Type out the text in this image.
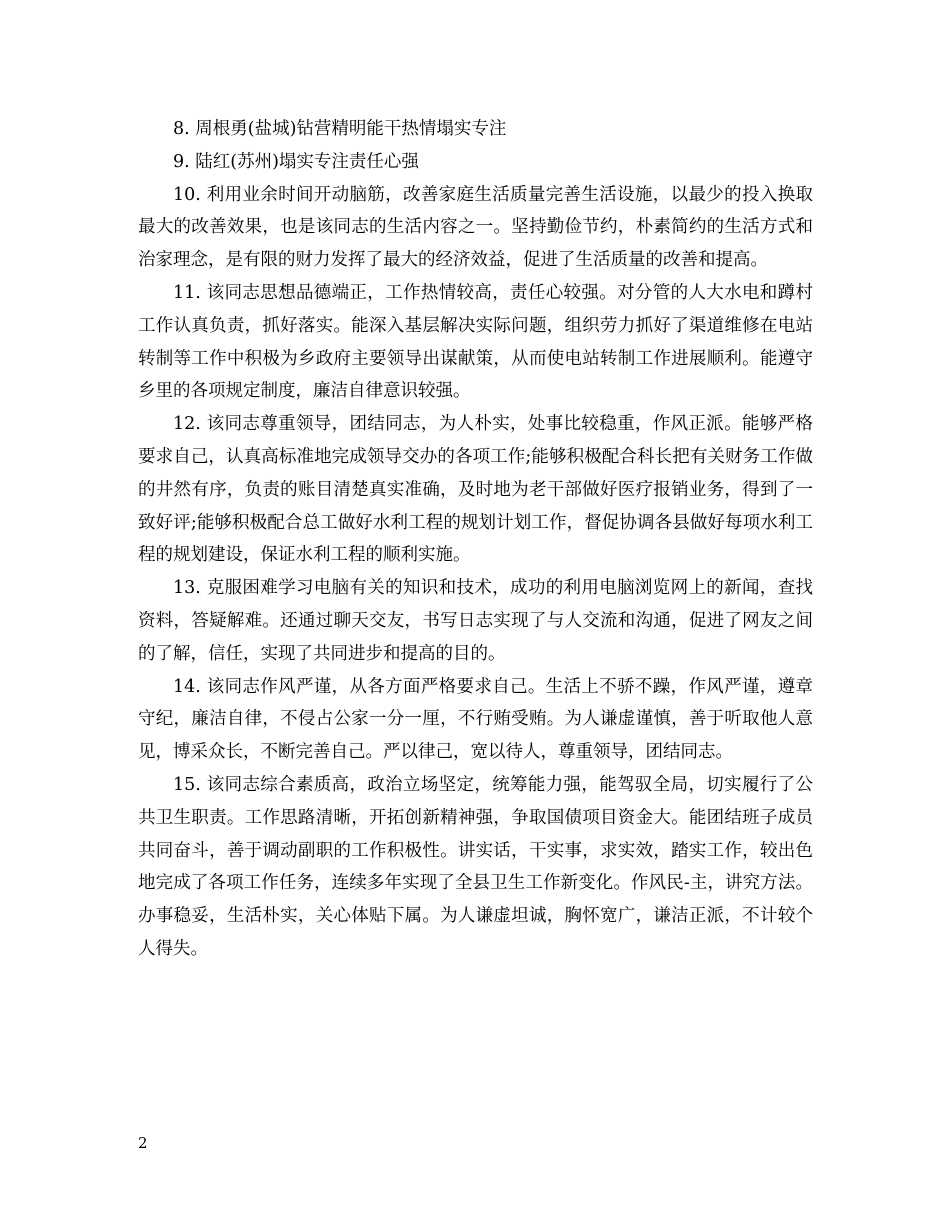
8. 周根勇(盐城)钻营精明能干热情塌实专注

9. 陆红(苏州)塌实专注责任心强

10. 利用业余时间开动脑筋，改善家庭生活质量完善生活设施，以最少的投入换取最大的改善效果，也是该同志的生活内容之一。坚持勤俭节约，朴素简约的生活方式和治家理念，是有限的财力发挥了最大的经济效益，促进了生活质量的改善和提高。

11. 该同志思想品德端正，工作热情较高，责任心较强。对分管的人大水电和蹲村工作认真负责，抓好落实。能深入基层解决实际问题，组织劳力抓好了渠道维修在电站转制等工作中积极为乡政府主要领导出谋献策，从而使电站转制工作进展顺利。能遵守乡里的各项规定制度，廉洁自律意识较强。

12. 该同志尊重领导，团结同志，为人朴实，处事比较稳重，作风正派。能够严格要求自己，认真高标准地完成领导交办的各项工作;能够积极配合科长把有关财务工作做的井然有序，负责的账目清楚真实准确，及时地为老干部做好医疗报销业务，得到了一致好评;能够积极配合总工做好水利工程的规划计划工作，督促协调各县做好每项水利工程的规划建设，保证水利工程的顺利实施。

13. 克服困难学习电脑有关的知识和技术，成功的利用电脑浏览网上的新闻，查找资料，答疑解难。还通过聊天交友，书写日志实现了与人交流和沟通，促进了网友之间的了解，信任，实现了共同进步和提高的目的。

14. 该同志作风严谨，从各方面严格要求自己。生活上不骄不躁，作风严谨，遵章守纪，廉洁自律，不侵占公家一分一厘，不行贿受贿。为人谦虚谨慎，善于听取他人意见，博采众长，不断完善自己。严以律己，宽以待人，尊重领导，团结同志。

15. 该同志综合素质高，政治立场坚定，统筹能力强，能驾驭全局，切实履行了公共卫生职责。工作思路清晰，开拓创新精神强，争取国债项目资金大。能团结班子成员共同奋斗，善于调动副职的工作积极性。讲实话，干实事，求实效，踏实工作，较出色地完成了各项工作任务，连续多年实现了全县卫生工作新变化。作风民-主，讲究方法。办事稳妥，生活朴实，关心体贴下属。为人谦虚坦诚，胸怀宽广，谦洁正派，不计较个人得失。

2
